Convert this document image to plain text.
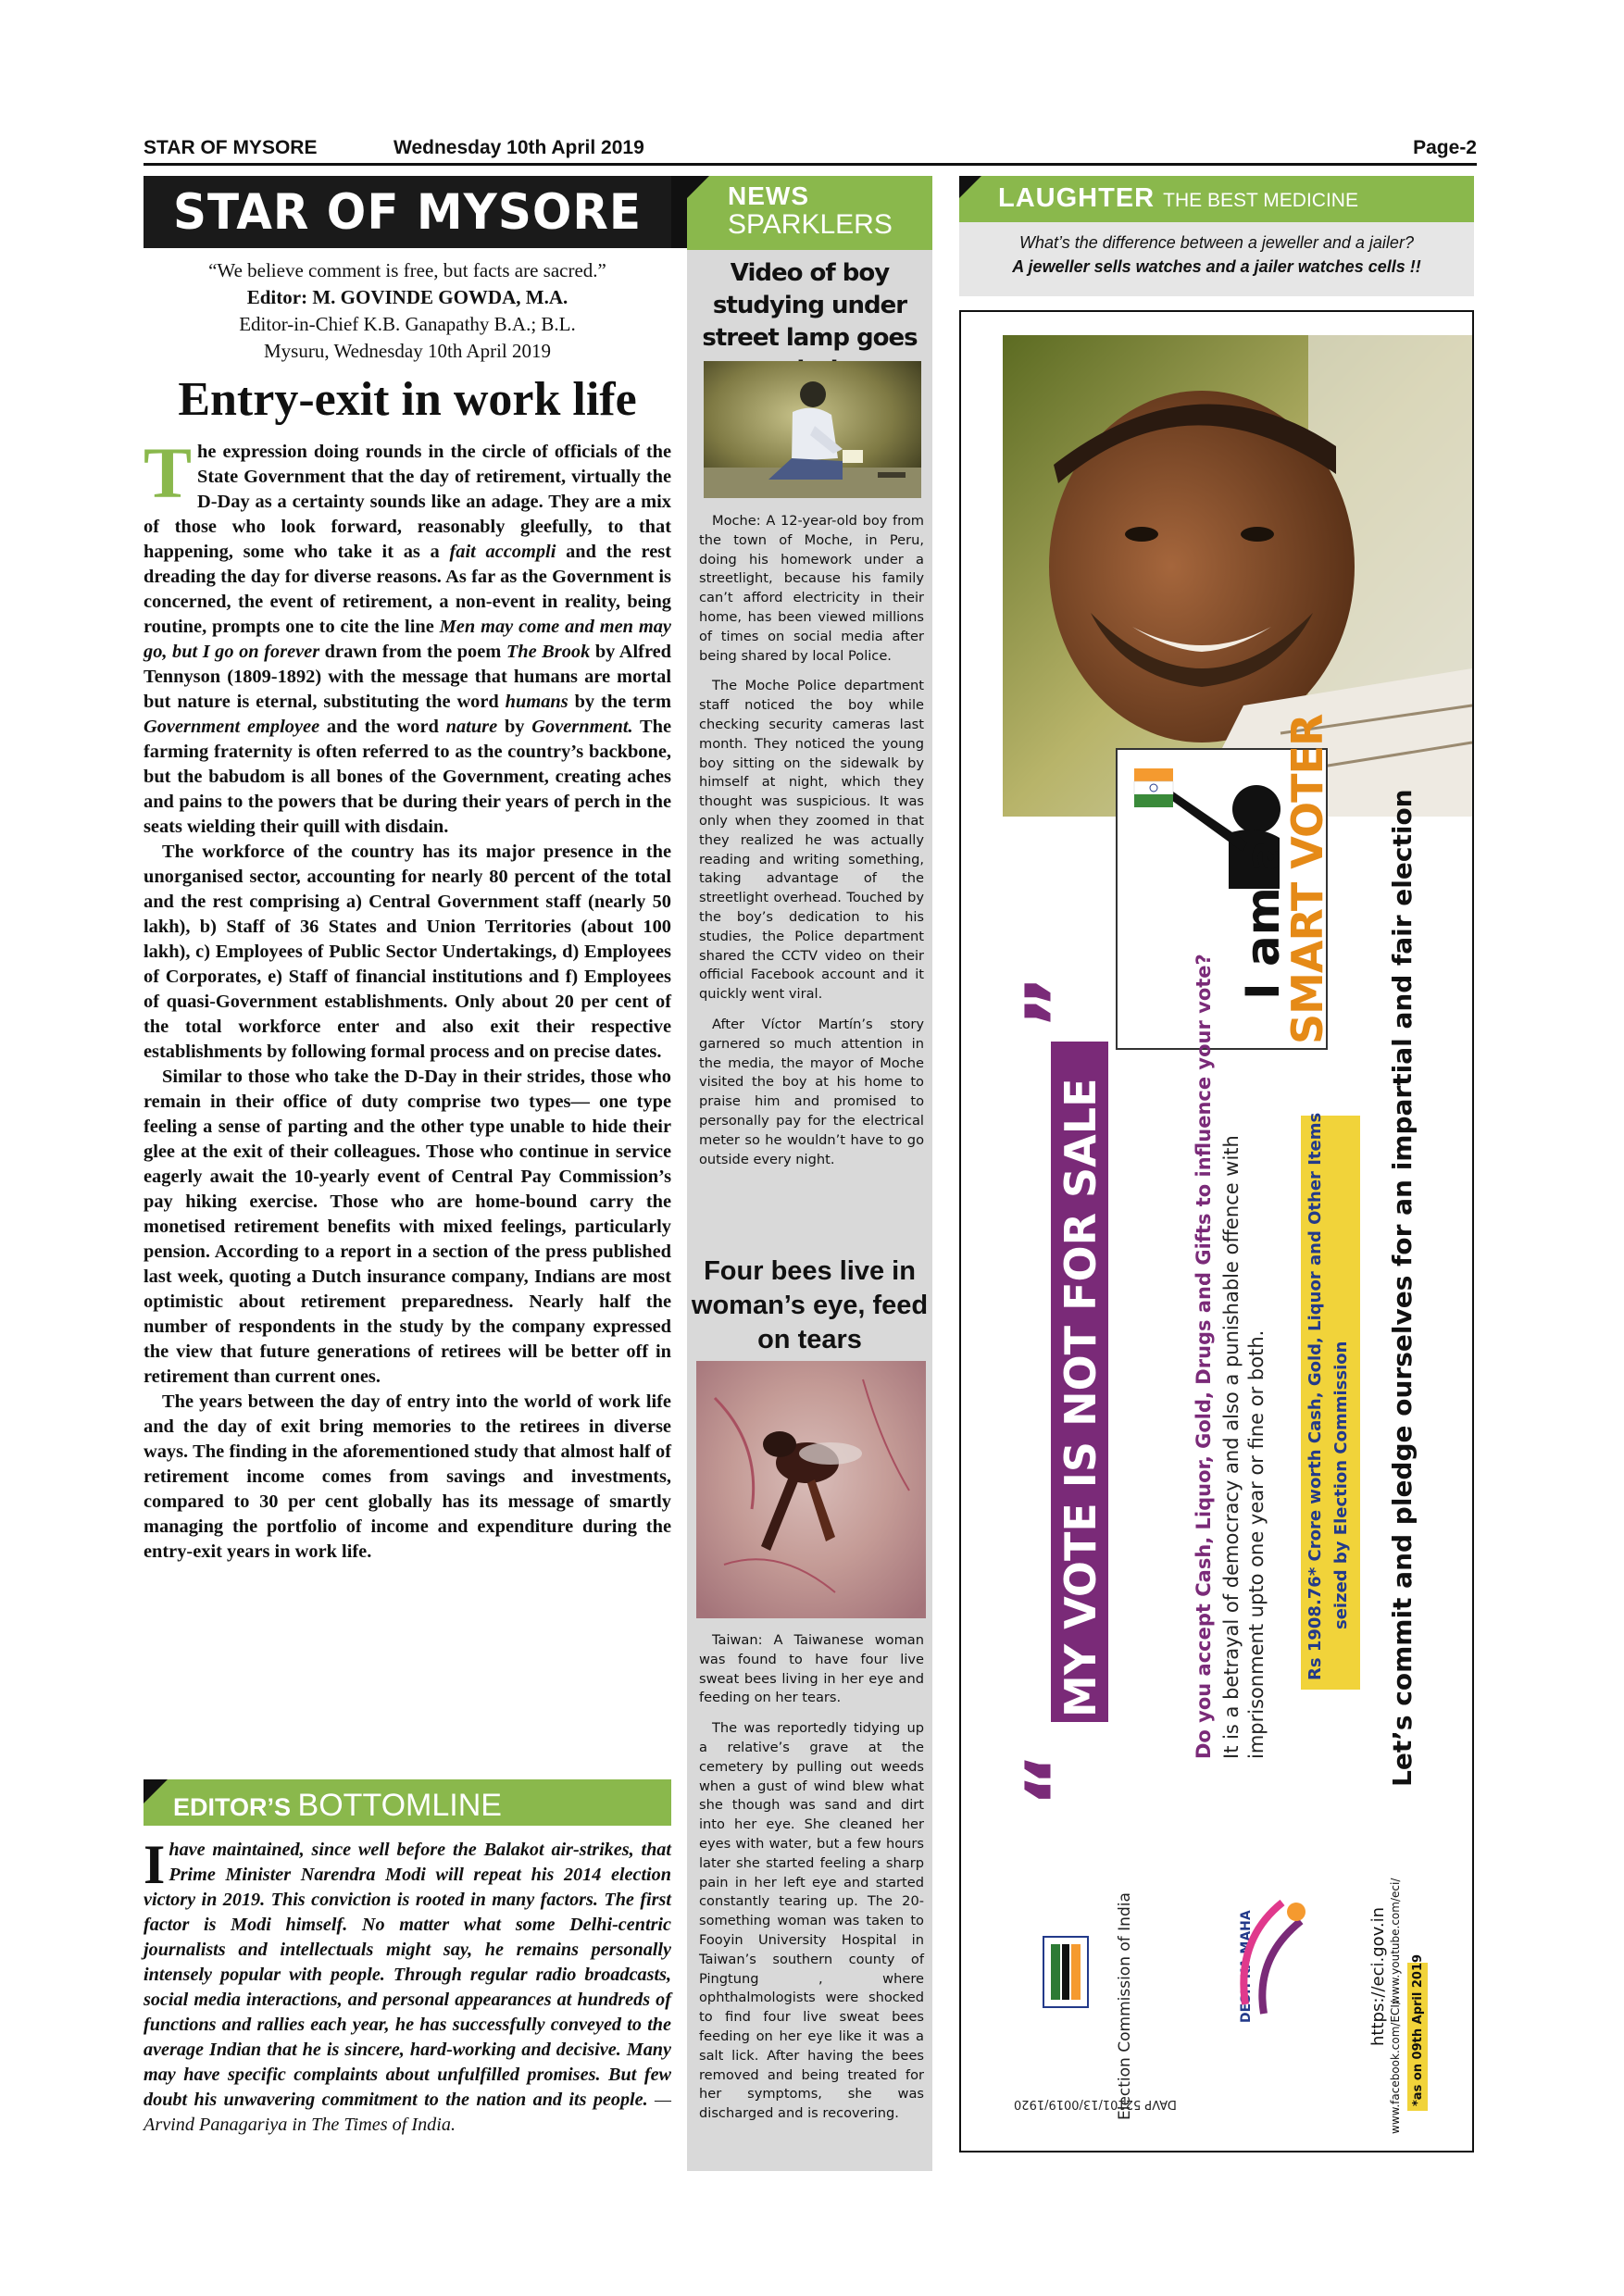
STAR OF MYSORE	Wednesday 10th April 2019	Page-2
STAR OF MYSORE
“We believe comment is free, but facts are sacred.”
Editor: M. GOVINDE GOWDA, M.A.
Editor-in-Chief K.B. Ganapathy B.A.; B.L.
Mysuru, Wednesday 10th April 2019
Entry-exit in work life

The expression doing rounds in the circle of officials of the State Government that the day of retirement, virtually the D-Day as a certainty sounds like an adage. They are a mix of those who look forward, reasonably gleefully, to that happening, some who take it as a fait accompli and the rest dreading the day for diverse reasons. As far as the Government is concerned, the event of retirement, a non-event in reality, being routine, prompts one to cite the line Men may come and men may go, but I go on forever drawn from the poem The Brook by Alfred Tennyson (1809-1892) with the message that humans are mortal but nature is eternal, substituting the word humans by the term Government employee and the word nature by Government. The farming fraternity is often referred to as the country’s backbone, but the babudom is all bones of the Government, creating aches and pains to the powers that be during their years of perch in the seats wielding their quill with disdain.

The workforce of the country has its major presence in the unorganised sector, accounting for nearly 80 percent of the total and the rest comprising a) Central Government staff (nearly 50 lakh), b) Staff of 36 States and Union Territories (about 100 lakh), c) Employees of Public Sector Undertakings, d) Employees of Corporates, e) Staff of financial institutions and f) Employees of quasi-Government establishments. Only about 20 per cent of the total workforce enter and also exit their respective establishments by following formal process and on precise dates.

Similar to those who take the D-Day in their strides, those who remain in their office of duty comprise two types— one type feeling a sense of parting and the other type unable to hide their glee at the exit of their colleagues. Those who continue in service eagerly await the 10-yearly event of Central Pay Commission’s pay hiking exercise. Those who are home-bound carry the monetised retirement benefits with mixed feelings, particularly pension. According to a report in a section of the press published last week, quoting a Dutch insurance company, Indians are most optimistic about retirement preparedness. Nearly half the number of respondents in the study by the company expressed the view that future generations of retirees will be better off in retirement than current ones.

The years between the day of entry into the world of work life and the day of exit bring memories to the retirees in diverse ways. The finding in the aforementioned study that almost half of retirement income comes from savings and investments, compared to 30 per cent globally has its message of smartly managing the portfolio of income and expenditure during the entry-exit years in work life.

EDITOR’S BOTTOMLINE
Ihave maintained, since well before the Balakot air-strikes, that Prime Minister Narendra Modi will repeat his 2014 election victory in 2019. This conviction is rooted in many factors. The first factor is Modi himself. No matter what some Delhi-centric journalists and intellectuals might say, he remains personally intensely popular with people. Through regular radio broadcasts, social media interactions, and personal appearances at hundreds of functions and rallies each year, he has successfully conveyed to the average Indian that he is sincere, hard-working and decisive. Many may have specific complaints about unfulfilled promises. But few doubt his unwavering commitment to the nation and its people. —Arvind Panagariya in The Times of India.
NEWS
SPARKLERS
Video of boy studying under street lamp goes

Moche: A 12-year-old boy from the town of Moche, in Peru, doing his homework under a streetlight, because his family can’t afford electricity in their home, has been viewed millions of times on social media after being shared by local Police.

The Moche Police department staff noticed the boy while checking security cameras last month. They noticed the young boy sitting on the sidewalk by himself at night, which they thought was suspicious. It was only when they zoomed in that they realized he was actually reading and writing something, taking advantage of the streetlight overhead. Touched by the boy’s dedication to his studies, the Police department shared the CCTV video on their official Facebook account and it quickly went viral.

After Víctor Martín’s story garnered so much attention in the media, the mayor of Moche visited the boy at his home to praise him and promised to personally pay for the electrical meter so he wouldn’t have to go outside every night.

Four bees live in woman’s eye, feed on tears

Taiwan: A Taiwanese woman was found to have four live sweat bees living in her eye and feeding on her tears.

The was reportedly tidying up a relative’s grave at the cemetery by pulling out weeds when a gust of wind blew what she though was sand and dirt into her eye. She cleaned her eyes with water, but a few hours later she started feeling a sharp pain in her left eye and started constantly tearing up. The 20-something woman was taken to Fooyin University Hospital in Taiwan’s southern county of Pingtung , where ophthalmologists were shocked to find four live sweat bees feeding on her eye like it was a salt lick. After having the bees removed and being treated for her symptoms, she was discharged and is recovering.

LAUGHTER THE BEST MEDICINE
What’s the difference between a jeweller and a jailer?
A jeweller sells watches and a jailer watches cells !!
I am a
SMART VOTER
”
“
MY VOTE IS NOT FOR SALE	Do you accept Cash, Liquor, Gold, Drugs and Gifts to influence your vote? It is a betrayal of democracy and also a punishable offence with imprisonment upto one year or fine or both. Rs 1908.76* Crore worth Cash, Gold, Liquor and Other Items seized by Election Commission Let’s commit and pledge ourselves for an impartial and fair election
Election Commission of India	DESH KA MAHA	https://eci.gov.in
www.facebook.com/ECI/
www.youtube.com/eci/
*as on 09th April 2019
DAVP 52101/13/0019/1920
